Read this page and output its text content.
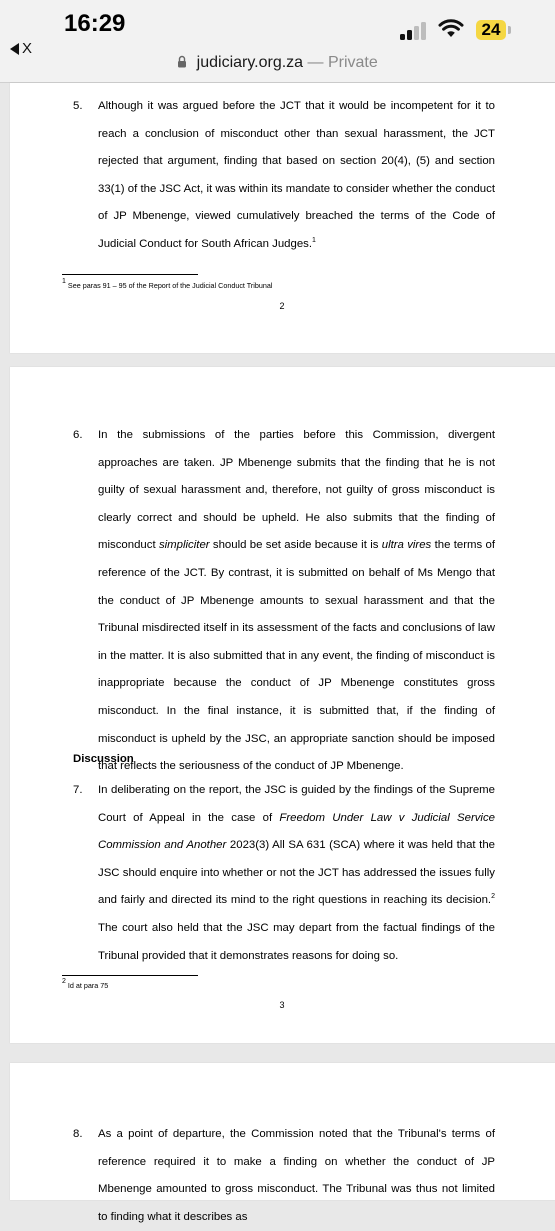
16:29
X
24
judiciary.org.za — Private
5. Although it was argued before the JCT that it would be incompetent for it to reach a conclusion of misconduct other than sexual harassment, the JCT rejected that argument, finding that based on section 20(4), (5) and section 33(1) of the JSC Act, it was within its mandate to consider whether the conduct of JP Mbenenge, viewed cumulatively breached the terms of the Code of Judicial Conduct for South African Judges.$^1$
$^1$ See paras 91 – 95 of the Report of the Judicial Conduct Tribunal
2
6. In the submissions of the parties before this Commission, divergent approaches are taken. JP Mbenenge submits that the finding that he is not guilty of sexual harassment and, therefore, not guilty of gross misconduct is clearly correct and should be upheld. He also submits that the finding of misconduct simpliciter should be set aside because it is ultra vires the terms of reference of the JCT. By contrast, it is submitted on behalf of Ms Mengo that the conduct of JP Mbenenge amounts to sexual harassment and that the Tribunal misdirected itself in its assessment of the facts and conclusions of law in the matter. It is also submitted that in any event, the finding of misconduct is inappropriate because the conduct of JP Mbenenge constitutes gross misconduct. In the final instance, it is submitted that, if the finding of misconduct is upheld by the JSC, an appropriate sanction should be imposed that reflects the seriousness of the conduct of JP Mbenenge.
Discussion
7. In deliberating on the report, the JSC is guided by the findings of the Supreme Court of Appeal in the case of Freedom Under Law v Judicial Service Commission and Another 2023(3) All SA 631 (SCA) where it was held that the JSC should enquire into whether or not the JCT has addressed the issues fully and fairly and directed its mind to the right questions in reaching its decision.$^2$ The court also held that the JSC may depart from the factual findings of the Tribunal provided that it demonstrates reasons for doing so.
$^2$ Id at para 75
3
8. As a point of departure, the Commission noted that the Tribunal's terms of reference required it to make a finding on whether the conduct of JP Mbenenge amounted to gross misconduct. The Tribunal was thus not limited to finding what it describes as
